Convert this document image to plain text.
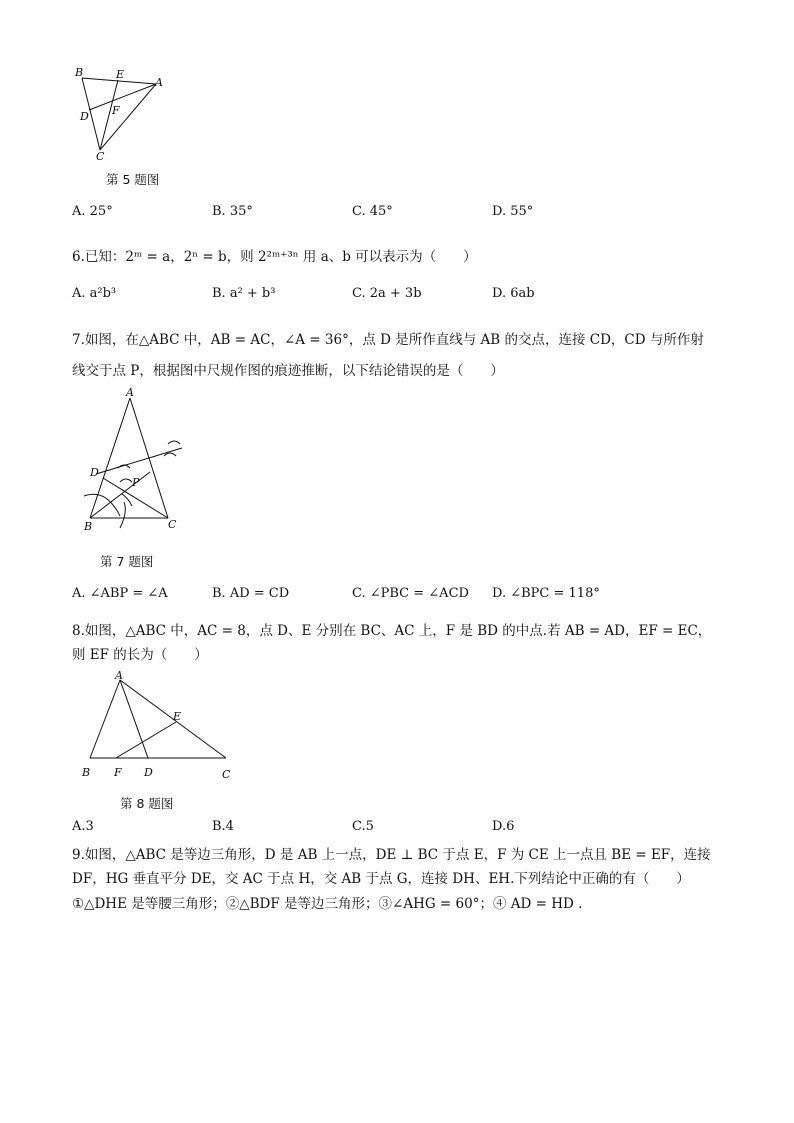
B	E
A
D F
C
第 5 题图
A. 25°	B. 35°	C. 45°	D. 55°
6.已知：2ᵐ = a，2ⁿ = b，则 2²ᵐ⁺³ⁿ 用 a、b 可以表示为（　　）
A. a²b³	B. a² + b³	C. 2a + 3b	D. 6ab
7.如图，在△ABC 中，AB = AC，∠A = 36°，点 D 是所作直线与 AB 的交点，连接 CD，CD 与所作射
线交于点 P，根据图中尺规作图的痕迹推断，以下结论错误的是（　　）
A
D
P
B	C
第 7 题图
A. ∠ABP = ∠A	B. AD = CD	C. ∠PBC = ∠ACD D. ∠BPC = 118°
8.如图，△ABC 中，AC = 8，点 D、E 分别在 BC、AC 上，F 是 BD 的中点.若 AB = AD，EF = EC，
则 EF 的长为（　　）
A
E
B F D	C
第 8 题图
A.3	B.4	C.5	D.6
9.如图，△ABC 是等边三角形，D 是 AB 上一点，DE ⊥ BC 于点 E，F 为 CE 上一点且 BE = EF，连接
DF，HG 垂直平分 DE，交 AC 于点 H，交 AB 于点 G，连接 DH、EH.下列结论中正确的有（　　）
①△DHE 是等腰三角形；②△BDF 是等边三角形；③∠AHG = 60°；④ AD = HD .
